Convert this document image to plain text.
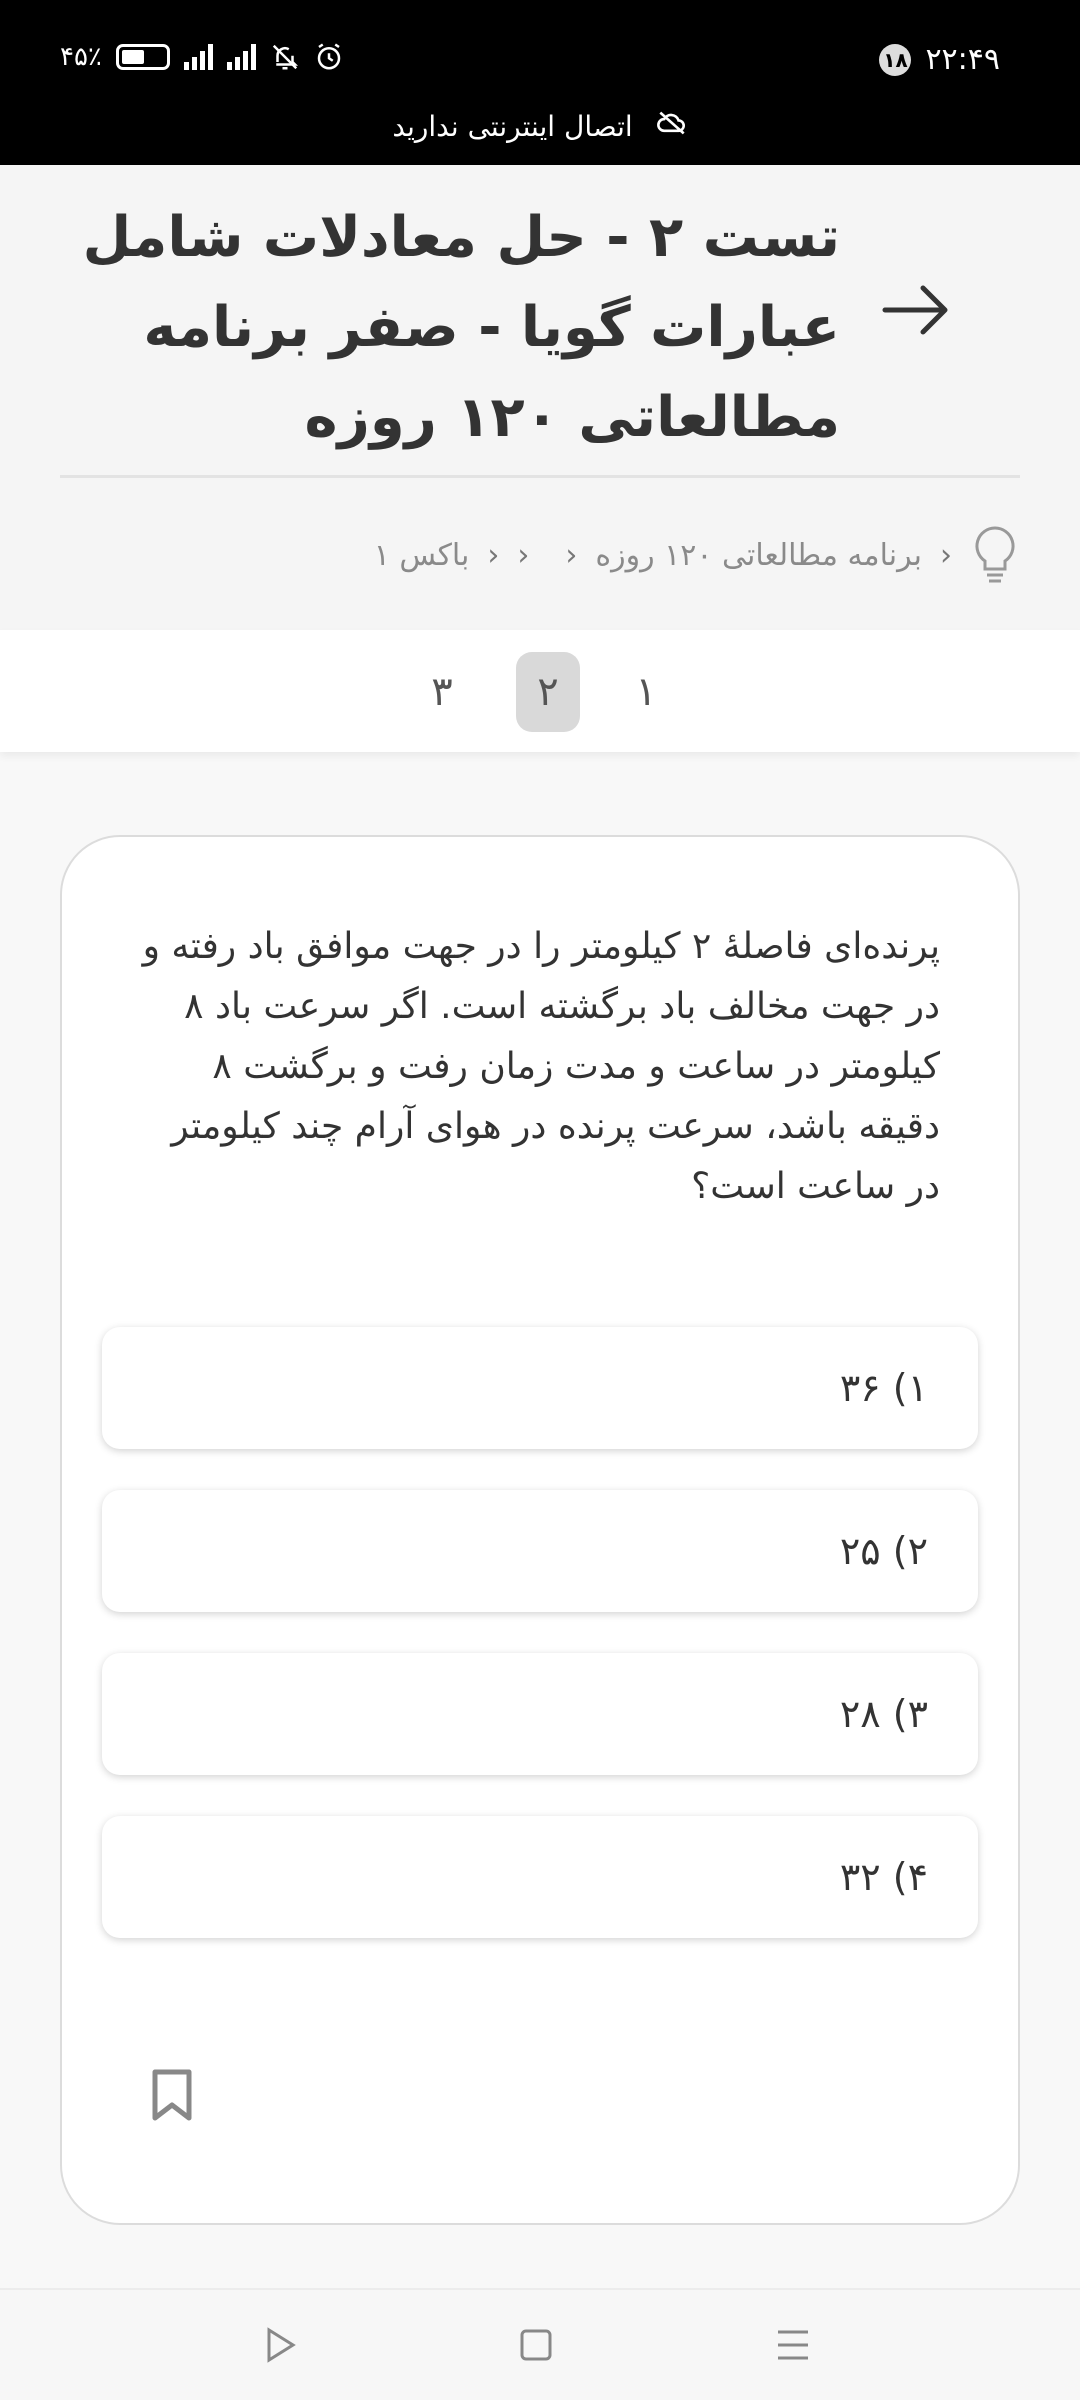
۲۲:۴۹
۱۸
۴۵٪
اتصال اینترنتی ندارید
تست ۲ - حل معادلات شامل عبارات گویا - صفر برنامه مطالعاتی ۱۲۰ روزه
‹
برنامه مطالعاتی ۱۲۰ روزه
‹
‹
‹
باکس ۱
۱
۲
۳
پرنده‌ای فاصلهٔ ۲ کیلومتر را در جهت موافق باد رفته و در جهت مخالف باد برگشته است. اگر سرعت باد ۸ کیلومتر در ساعت و مدت زمان رفت و برگشت ۸ دقیقه باشد، سرعت پرنده در هوای آرام چند کیلومتر در ساعت است؟
۱) ۳۶
۲) ۲۵
۳) ۲۸
۴) ۳۲
